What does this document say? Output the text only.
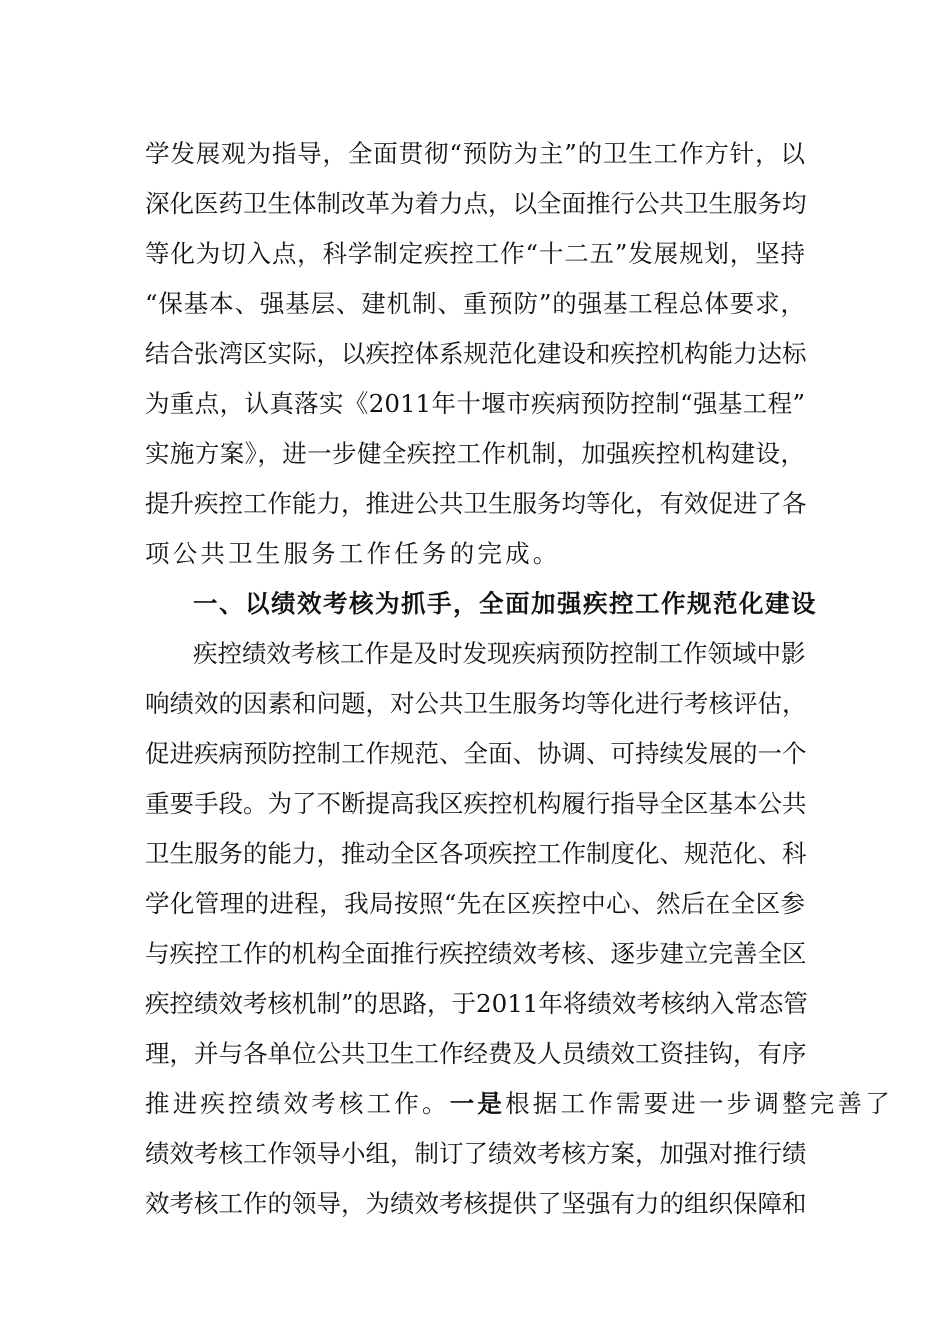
学发展观为指导，全面贯彻“预防为主”的卫生工作方针，以
深化医药卫生体制改革为着力点，以全面推行公共卫生服务均
等化为切入点，科学制定疾控工作“十二五”发展规划，坚持
“保基本、强基层、建机制、重预防”的强基工程总体要求，
结合张湾区实际，以疾控体系规范化建设和疾控机构能力达标
为重点，认真落实《2011年十堰市疾病预防控制“强基工程”
实施方案》，进一步健全疾控工作机制，加强疾控机构建设，
提升疾控工作能力，推进公共卫生服务均等化，有效促进了各
项公共卫生服务工作任务的完成。
一、以绩效考核为抓手，全面加强疾控工作规范化建设
疾控绩效考核工作是及时发现疾病预防控制工作领域中影
响绩效的因素和问题，对公共卫生服务均等化进行考核评估，
促进疾病预防控制工作规范、全面、协调、可持续发展的一个
重要手段。为了不断提高我区疾控机构履行指导全区基本公共
卫生服务的能力，推动全区各项疾控工作制度化、规范化、科
学化管理的进程，我局按照“先在区疾控中心、然后在全区参
与疾控工作的机构全面推行疾控绩效考核、逐步建立完善全区
疾控绩效考核机制”的思路，于2011年将绩效考核纳入常态管
理，并与各单位公共卫生工作经费及人员绩效工资挂钩，有序
推进疾控绩效考核工作。一是根据工作需要进一步调整完善了
绩效考核工作领导小组，制订了绩效考核方案，加强对推行绩
效考核工作的领导，为绩效考核提供了坚强有力的组织保障和
